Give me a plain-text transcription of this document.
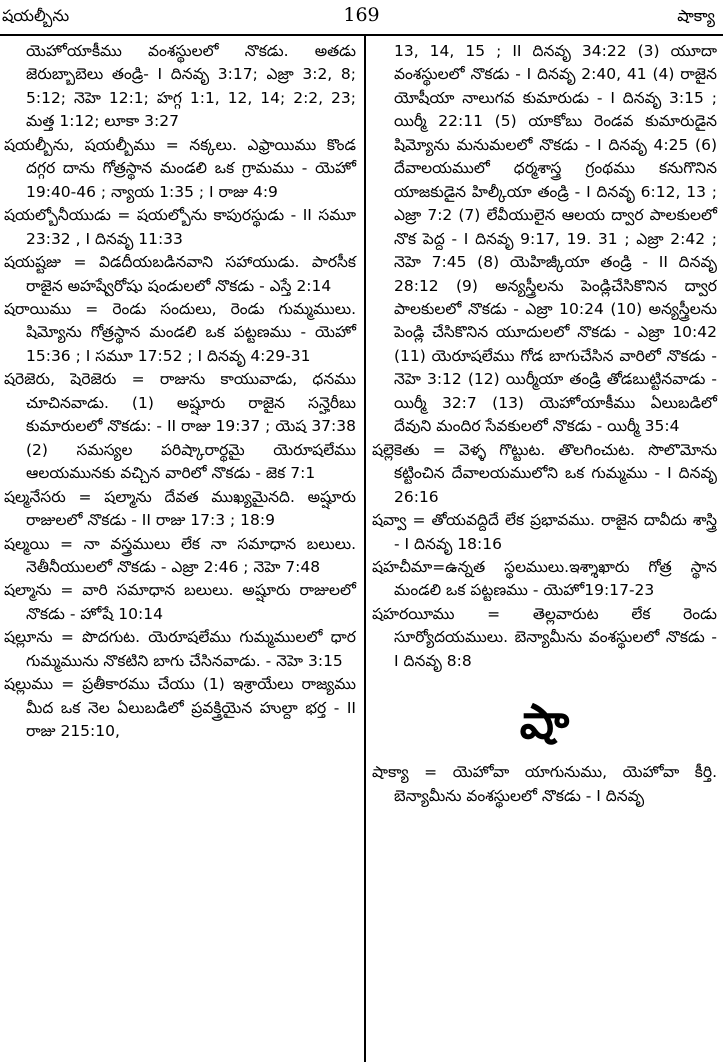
షయల్బీను	169	షాక్యా
యెహోయాకీము వంశస్థులలో నొకడు. అతడు జెరుబ్బాబెలు తండ్రి- I దినవృ 3:17; ఎజ్రా 3:2, 8; 5:12; నెహె 12:1; హగ్గ 1:1, 12, 14; 2:2, 23; మత్త 1:12; లూకా 3:27
షయల్బీను, షయల్బీము = నక్కలు. ఎఫ్రాయిము కొండ దగ్గర దాను గోత్రస్థాన మండలి ఒక గ్రామము - యెహో 19:40-46 ; న్యాయ 1:35 ; I రాజు 4:9
షయల్బోనీయుడు = షయల్బోను కాపురస్థుడు - II సమూ 23:32 , I దినవృ 11:33
షయష్టజు = విడదీయబడినవాని సహాయుడు. పారసీక రాజైన అహష్వేరోషు షండులలో నొకడు - ఎస్తే 2:14
షరాయిము = రెండు సందులు, రెండు గుమ్మములు. షిమ్యోను గోత్రస్థాన మండలి ఒక పట్టణము - యెహో 15:36 ; I సమూ 17:52 ; I దినవృ 4:29-31
షరెజెరు, షెరెజెరు = రాజును కాయువాడు, ధనము చూచినవాడు. (1) అష్షూరు రాజైన సన్హెరీబు కుమారులలో నొకడు: - II రాజు 19:37 ; యెష 37:38 (2) సమస్యల పరిష్కారార్థమై యెరూషలేము ఆలయమునకు వచ్చిన వారిలో నొకడు - జెక 7:1
షల్మనేసరు = షల్మాను దేవత ముఖ్యమైనది. అష్షూరు రాజులలో నొకడు - II రాజు 17:3 ; 18:9
షల్మయి = నా వస్త్రములు లేక నా సమాధాన బలులు. నెతీనీయులలో నొకడు - ఎజ్రా 2:46 ; నెహె 7:48
షల్మాను = వారి సమాధాన బలులు. అష్షూరు రాజులలో నొకడు - హోషే 10:14
షల్లూను = పొదగుట. యెరూషలేము గుమ్మములలో ధార గుమ్మమును నొకటిని బాగు చేసినవాడు. - నెహె 3:15
షల్లుము = ప్రతీకారము చేయు (1) ఇశ్రాయేలు రాజ్యము మీద ఒక నెల ఏలుబడిలో ప్రవక్త్రియైన హుల్దా భర్త - II రాజు 215:10,
13, 14, 15 ; II దినవృ 34:22 (3) యూదా వంశస్థులలో నొకడు - I దినవృ 2:40, 41 (4) రాజైన యోషీయా నాలుగవ కుమారుడు - I దినవృ 3:15 ; యిర్మీ 22:11 (5) యాకోబు రెండవ కుమారుడైన షిమ్యోను మనుమలలో నొకడు - I దినవృ 4:25 (6) దేవాలయములో ధర్మశాస్త్ర గ్రంథము కనుగొనిన యాజకుడైన హిల్కీయా తండ్రి - I దినవృ 6:12, 13 ; ఎజ్రా 7:2 (7) లేవీయులైన ఆలయ ద్వార పాలకులలో నొక పెద్ద - I దినవృ 9:17, 19. 31 ; ఎజ్రా 2:42 ; నెహె 7:45 (8) యెహిజ్కీయా తండ్రి - II దినవృ 28:12 (9) అన్యస్త్రీలను పెండ్లిచేసికొనిన ద్వార పాలకులలో నొకడు - ఎజ్రా 10:24 (10) అన్యస్త్రీలను పెండ్లి చేసికొనిన యూదులలో నొకడు - ఎజ్రా 10:42 (11) యెరూషలేము గోడ బాగుచేసిన వారిలో నొకడు - నెహె 3:12 (12) యిర్మీయా తండ్రి తోడబుట్టినవాడు - యిర్మీ 32:7 (13) యెహోయాకీము ఏలుబడిలో దేవుని మందిర సేవకులలో నొకడు - యిర్మీ 35:4
షల్లెకెతు = వెళ్ళ గొట్టుట. తొలగించుట. సొలొమోను కట్టించిన దేవాలయములోని ఒక గుమ్మము - I దినవృ 26:16
షవ్వా = తోయవద్దిదే లేక ప్రభావము. రాజైన దావీదు శాస్త్రి - I దినవృ 18:16
షహచీమా=ఉన్నత స్థలములు.ఇశ్శాఖారు గోత్ర స్థాన మండలి ఒక పట్టణము - యెహో19:17-23
షహరయీము = తెల్లవారుట లేక రెండు సూర్యోదయములు. బెన్యామీను వంశస్థులలో నొకడు - I దినవృ 8:8
షా
షాక్యా = యెహోవా యాగునుము, యెహోవా కీర్తి. బెన్యామీను వంశస్థులలో నొకడు - I దినవృ
